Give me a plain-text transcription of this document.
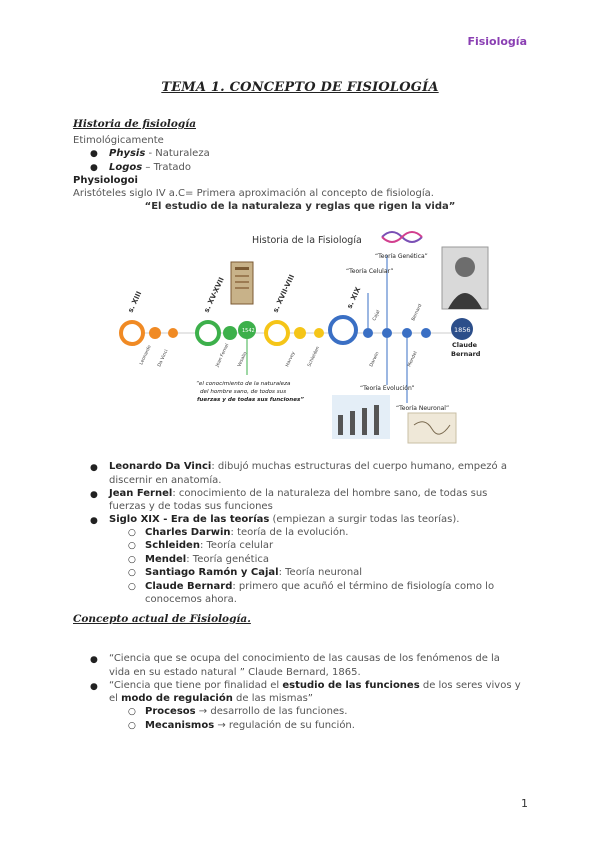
Fisiología
TEMA 1. CONCEPTO DE FISIOLOGÍA
Historia de fisiología
Etimológicamente
● Physis - Naturaleza
● Logos – Tratado
Physiologoi
Aristóteles siglo IV a.C= Primera aproximación al concepto de fisiología.
“El estudio de la naturaleza y reglas que rigen la vida”
Historia de la Fisiología
1542	1856
Claude
Bernard
s. XIII	s. XV-XVII	s. XVII-VIII	s. XIX
Leonardo Da Vinci	Jean Fernel Vesalio	Harvey Schleiden	Darwin	Mendel
Cajal	Bernard
“Teoría Celular”
“Teoría Genética”
“Teoría Evolución”
“Teoría Neuronal”
“el conocimiento de la naturaleza
del hombre sano, de todos sus
fuerzas y de todas sus funciones”
● Leonardo Da Vinci: dibujó muchas estructuras del cuerpo humano, empezó a
discernir en anatomía.
● Jean Fernel: conocimiento de la naturaleza del hombre sano, de todas sus
fuerzas y de todas sus funciones
● Siglo XIX - Era de las teorías (empiezan a surgir todas las teorías).
○ Charles Darwin: teoría de la evolución.
○ Schleiden: Teoría celular
○ Mendel: Teoría genética
○ Santiago Ramón y Cajal: Teoría neuronal
○ Claude Bernard: primero que acuñó el término de fisiología como lo
conocemos ahora.
Concepto actual de Fisiología.
● “Ciencia que se ocupa del conocimiento de las causas de los fenómenos de la
vida en su estado natural ” Claude Bernard, 1865.
● “Ciencia que tiene por finalidad el estudio de las funciones de los seres vivos y
el modo de regulación de las mismas”
○ Procesos → desarrollo de las funciones.
○ Mecanismos → regulación de su función.
1
